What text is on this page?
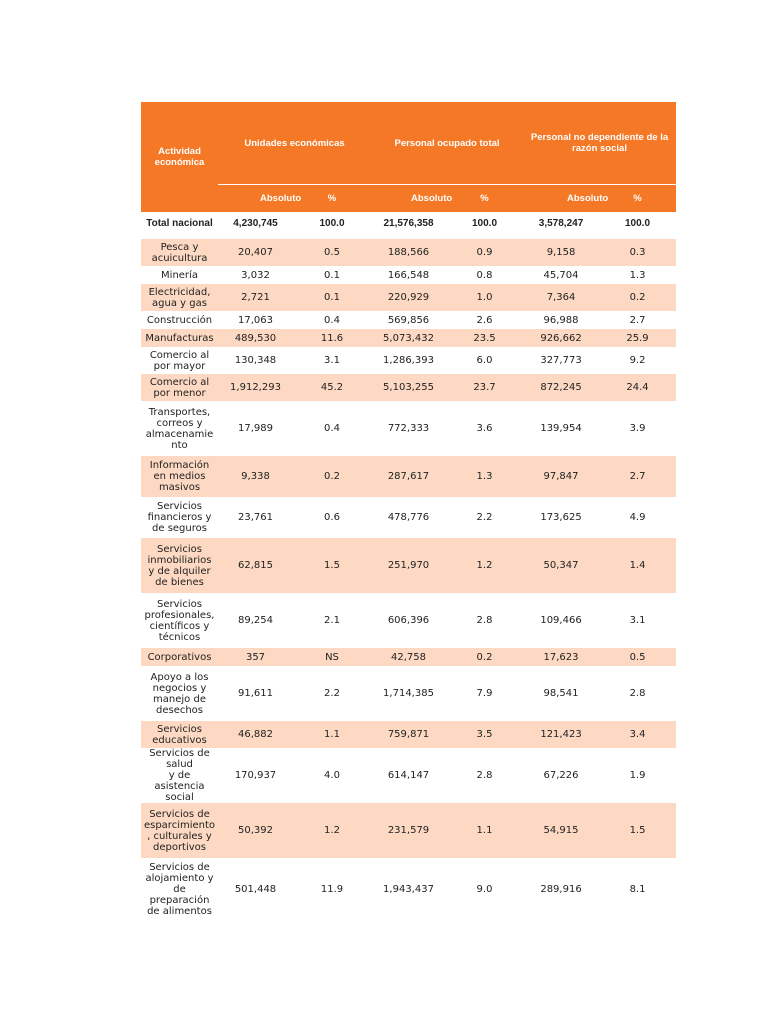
Actividad económica	Unidades económicas		Personal ocupado total		Personal no dependiente de la razón social	
	Absoluto	%	Absoluto	%	Absoluto	%
Total nacional	4,230,745	100.0	21,576,358	100.0	3,578,247	100.0

Pesca y
acuicultura	20,407	0.5	188,566	0.9	9,158	0.3
Minería	3,032	0.1	166,548	0.8	45,704	1.3
Electricidad,
agua y gas	2,721	0.1	220,929	1.0	7,364	0.2
Construcción	17,063	0.4	569,856	2.6	96,988	2.7
Manufacturas	489,530	11.6	5,073,432	23.5	926,662	25.9
Comercio al
por mayor	130,348	3.1	1,286,393	6.0	327,773	9.2
Comercio al
por menor	1,912,293	45.2	5,103,255	23.7	872,245	24.4
Transportes,
correos y
almacenamie
nto	17,989	0.4	772,333	3.6	139,954	3.9
Información
en medios
masivos	9,338	0.2	287,617	1.3	97,847	2.7
Servicios
financieros y
de seguros	23,761	0.6	478,776	2.2	173,625	4.9
Servicios
inmobiliarios
y de alquiler
de bienes	62,815	1.5	251,970	1.2	50,347	1.4
Servicios
profesionales,
científicos y
técnicos	89,254	2.1	606,396	2.8	109,466	3.1
Corporativos	357	NS	42,758	0.2	17,623	0.5
Apoyo a los
negocios y
manejo de
desechos	91,611	2.2	1,714,385	7.9	98,541	2.8
Servicios
educativos	46,882	1.1	759,871	3.5	121,423	3.4
Servicios de
salud
y de
asistencia
social	170,937	4.0	614,147	2.8	67,226	1.9
Servicios de
esparcimiento
, culturales y
deportivos	50,392	1.2	231,579	1.1	54,915	1.5
Servicios de
alojamiento y
de
preparación
de alimentos	501,448	11.9	1,943,437	9.0	289,916	8.1
